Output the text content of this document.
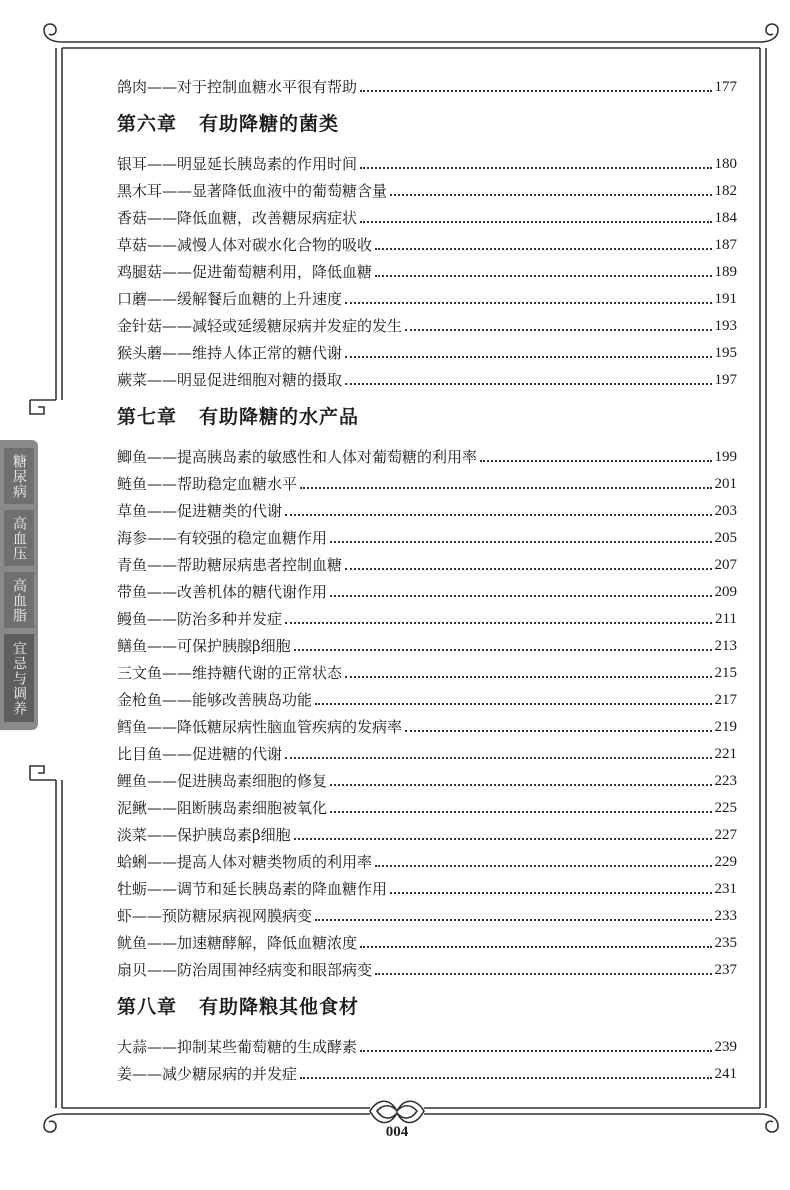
糖尿病
高血压
高血脂
宜忌与调养
鸽肉——对于控制血糖水平很有帮助	177
第六章 有助降糖的菌类
银耳——明显延长胰岛素的作用时间	180
黑木耳——显著降低血液中的葡萄糖含量	182
香菇——降低血糖，改善糖尿病症状	184
草菇——减慢人体对碳水化合物的吸收	187
鸡腿菇——促进葡萄糖利用，降低血糖	189
口蘑——缓解餐后血糖的上升速度	191
金针菇——减轻或延缓糖尿病并发症的发生	193
猴头蘑——维持人体正常的糖代谢	195
蕨菜——明显促进细胞对糖的摄取	197
第七章 有助降糖的水产品
鲫鱼——提高胰岛素的敏感性和人体对葡萄糖的利用率	199
鲢鱼——帮助稳定血糖水平	201
草鱼——促进糖类的代谢	203
海参——有较强的稳定血糖作用	205
青鱼——帮助糖尿病患者控制血糖	207
带鱼——改善机体的糖代谢作用	209
鳗鱼——防治多种并发症	211
鳝鱼——可保护胰腺β细胞	213
三文鱼——维持糖代谢的正常状态	215
金枪鱼——能够改善胰岛功能	217
鳕鱼——降低糖尿病性脑血管疾病的发病率	219
比目鱼——促进糖的代谢	221
鲤鱼——促进胰岛素细胞的修复	223
泥鳅——阻断胰岛素细胞被氧化	225
淡菜——保护胰岛素β细胞	227
蛤蜊——提高人体对糖类物质的利用率	229
牡蛎——调节和延长胰岛素的降血糖作用	231
虾——预防糖尿病视网膜病变	233
鱿鱼——加速糖酵解，降低血糖浓度	235
扇贝——防治周围神经病变和眼部病变	237
第八章 有助降粮其他食材
大蒜——抑制某些葡萄糖的生成酵素	239
姜——减少糖尿病的并发症	241
004
